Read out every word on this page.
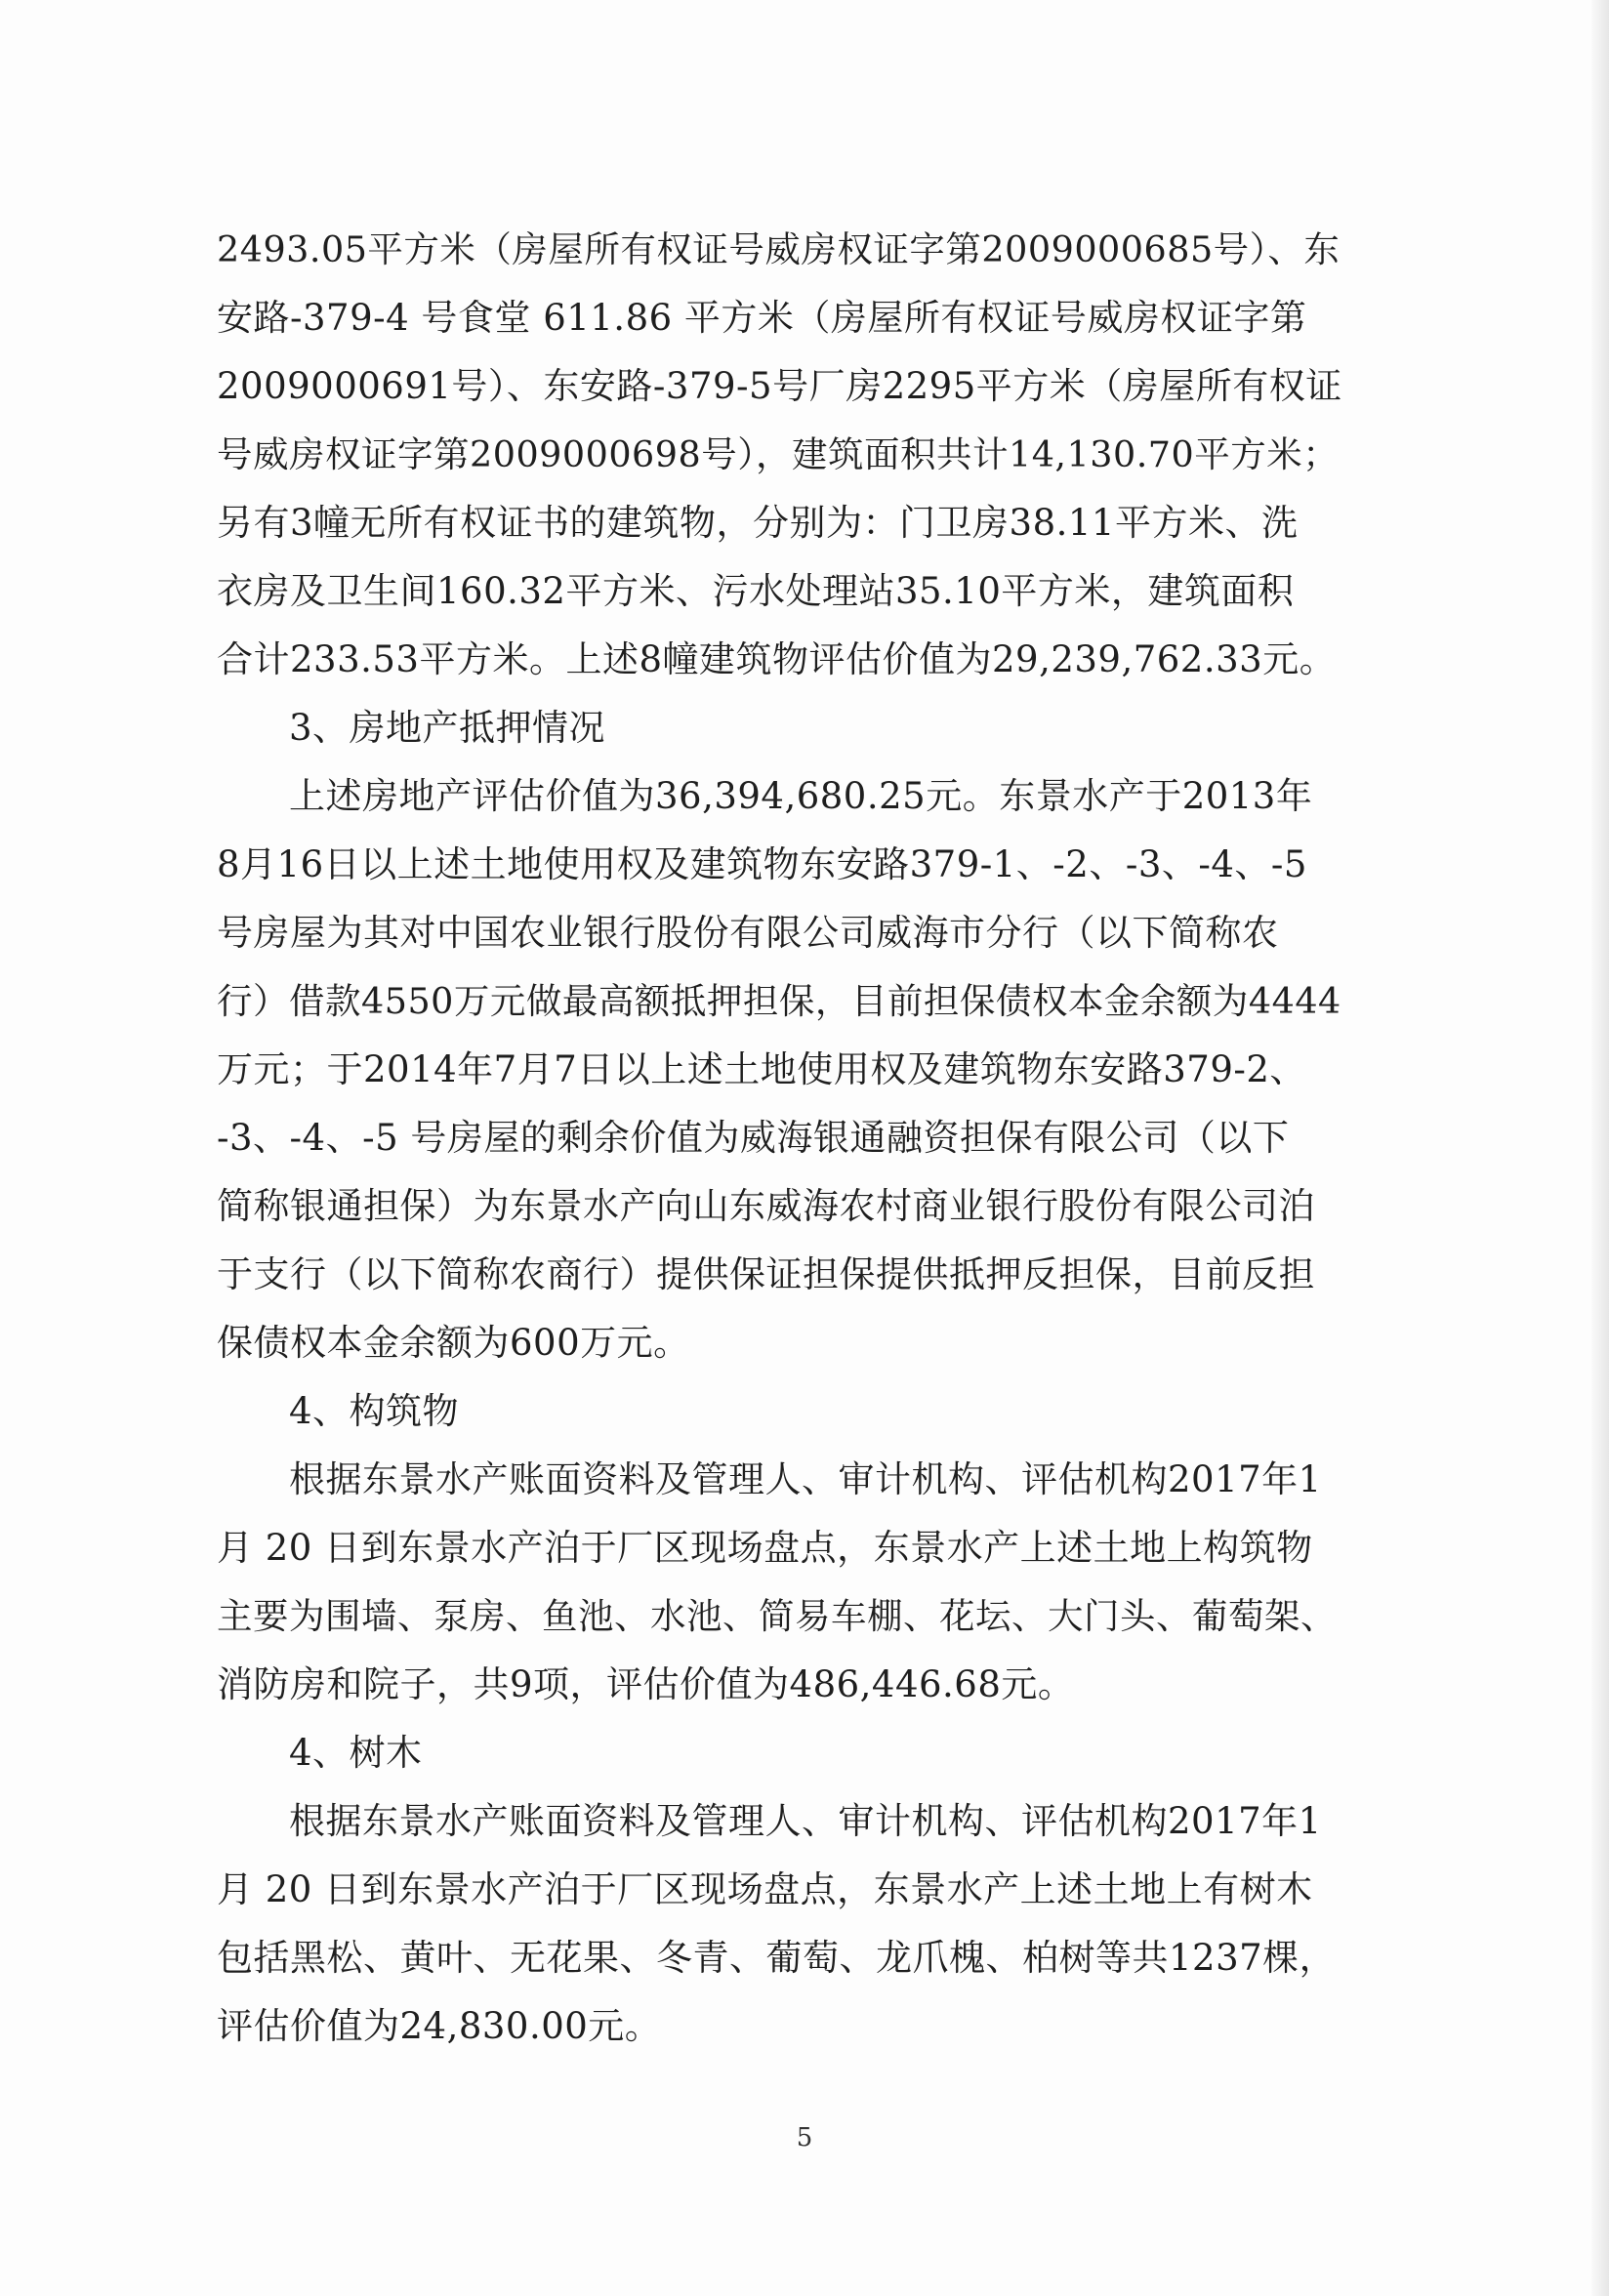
2493.05平方米（房屋所有权证号威房权证字第2009000685号）、东
安路-379-4 号食堂 611.86 平方米（房屋所有权证号威房权证字第
2009000691号）、东安路-379-5号厂房2295平方米（房屋所有权证
号威房权证字第2009000698号），建筑面积共计14,130.70平方米；
另有3幢无所有权证书的建筑物，分别为：门卫房38.11平方米、洗
衣房及卫生间160.32平方米、污水处理站35.10平方米，建筑面积
合计233.53平方米。上述8幢建筑物评估价值为29,239,762.33元。
3、房地产抵押情况
上述房地产评估价值为36,394,680.25元。东景水产于2013年
8月16日以上述土地使用权及建筑物东安路379-1、-2、-3、-4、-5
号房屋为其对中国农业银行股份有限公司威海市分行（以下简称农
行）借款4550万元做最高额抵押担保，目前担保债权本金余额为4444
万元；于2014年7月7日以上述土地使用权及建筑物东安路379-2、
-3、-4、-5 号房屋的剩余价值为威海银通融资担保有限公司（以下
简称银通担保）为东景水产向山东威海农村商业银行股份有限公司泊
于支行（以下简称农商行）提供保证担保提供抵押反担保，目前反担
保债权本金余额为600万元。
4、构筑物
根据东景水产账面资料及管理人、审计机构、评估机构2017年1
月 20 日到东景水产泊于厂区现场盘点，东景水产上述土地上构筑物
主要为围墙、泵房、鱼池、水池、简易车棚、花坛、大门头、葡萄架、
消防房和院子，共9项，评估价值为486,446.68元。
4、树木
根据东景水产账面资料及管理人、审计机构、评估机构2017年1
月 20 日到东景水产泊于厂区现场盘点，东景水产上述土地上有树木
包括黑松、黄叶、无花果、冬青、葡萄、龙爪槐、柏树等共1237棵，
评估价值为24,830.00元。
5
